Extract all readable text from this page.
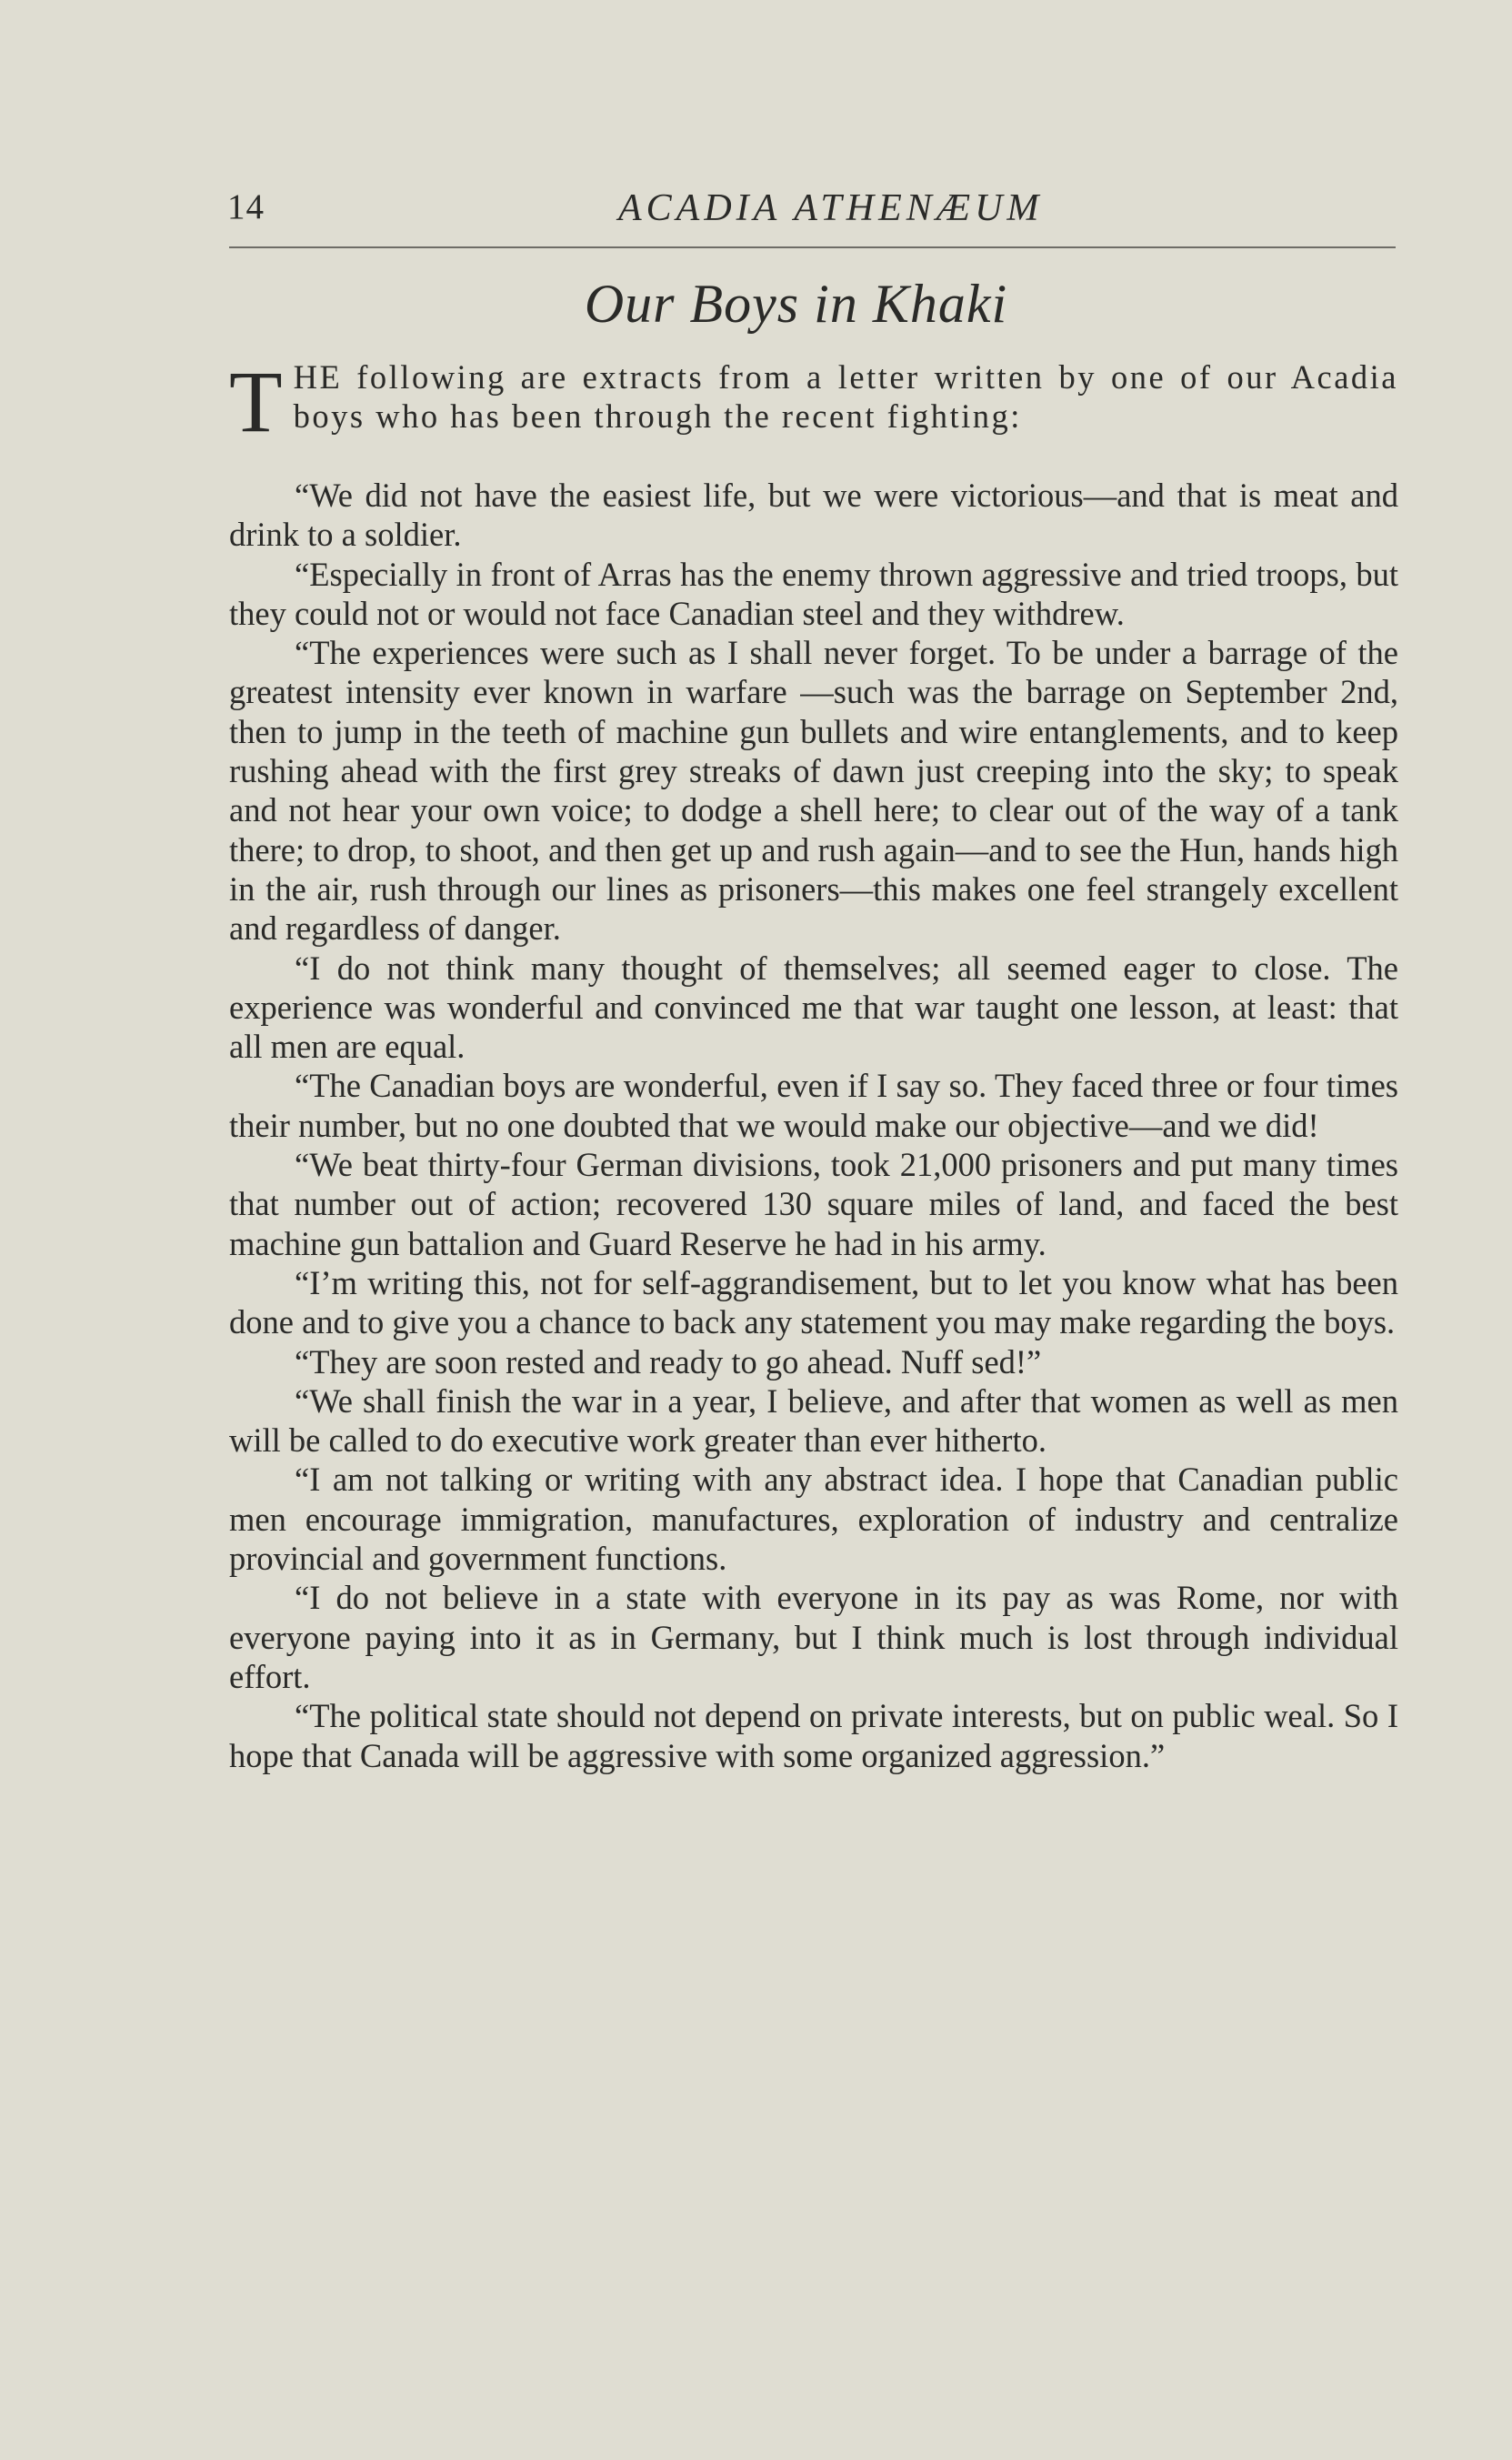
14	ACADIA ATHENÆUM
Our Boys in Khaki

THE following are extracts from a letter written by one of our Acadia boys who has been through the recent fighting:

“We did not have the easiest life, but we were victorious—and that is meat and drink to a soldier.

“Especially in front of Arras has the enemy thrown aggressive and tried troops, but they could not or would not face Canadian steel and they withdrew.

“The experiences were such as I shall never forget. To be under a barrage of the greatest intensity ever known in warfare —such was the barrage on September 2nd, then to jump in the teeth of machine gun bullets and wire entanglements, and to keep rushing ahead with the first grey streaks of dawn just creeping into the sky; to speak and not hear your own voice; to dodge a shell here; to clear out of the way of a tank there; to drop, to shoot, and then get up and rush again—and to see the Hun, hands high in the air, rush through our lines as prisoners—this makes one feel strangely excellent and regardless of danger.

“I do not think many thought of themselves; all seemed eager to close. The experience was wonderful and convinced me that war taught one lesson, at least: that all men are equal.

“The Canadian boys are wonderful, even if I say so. They faced three or four times their number, but no one doubted that we would make our objective—and we did!

“We beat thirty-four German divisions, took 21,000 prisoners and put many times that number out of action; recovered 130 square miles of land, and faced the best machine gun battalion and Guard Reserve he had in his army.

“I’m writing this, not for self-aggrandisement, but to let you know what has been done and to give you a chance to back any statement you may make regarding the boys.

“They are soon rested and ready to go ahead. Nuff sed!”

“We shall finish the war in a year, I believe, and after that women as well as men will be called to do executive work greater than ever hitherto.

“I am not talking or writing with any abstract idea. I hope that Canadian public men encourage immigration, manufactures, exploration of industry and centralize provincial and government functions.

“I do not believe in a state with everyone in its pay as was Rome, nor with everyone paying into it as in Germany, but I think much is lost through individual effort.

“The political state should not depend on private interests, but on public weal. So I hope that Canada will be aggressive with some organized aggression.”
